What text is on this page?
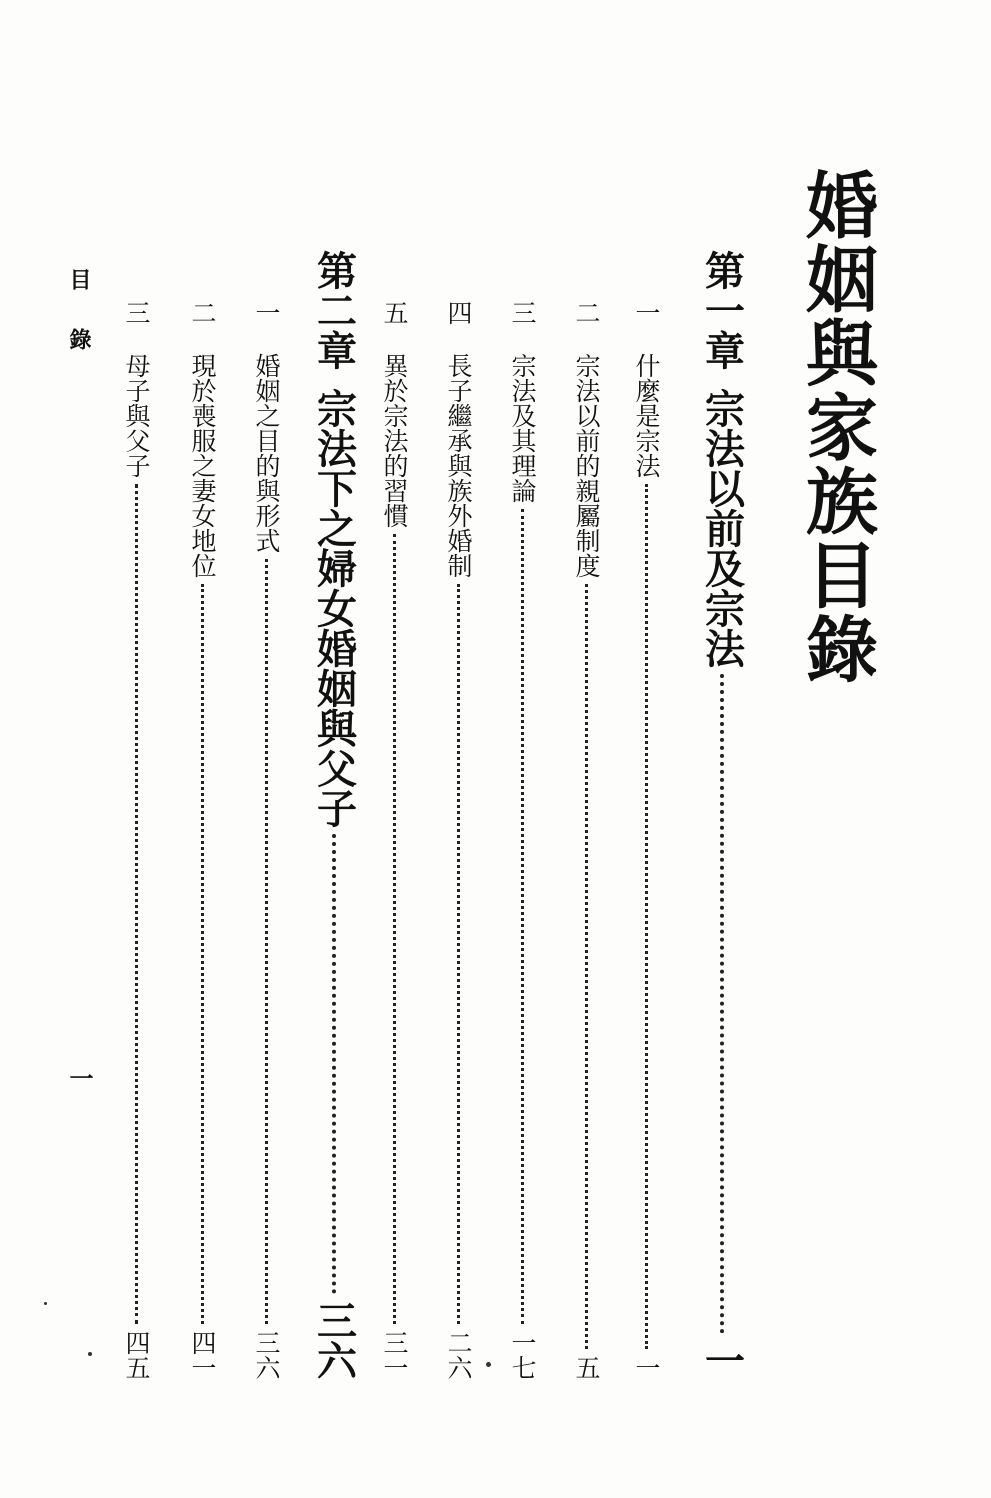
婚姻與家族目錄
第一章
宗法以前及宗法
一
一
什麼是宗法
一
二
宗法以前的親屬制度
五
三
宗法及其理論
一七
四
長子繼承與族外婚制
二六
五
異於宗法的習慣
三一
第二章
宗法下之婦女婚姻與父子
三六
一
婚姻之目的與形式
三六
二
現於喪服之妻女地位
四一
三
母子與父子
四五
目錄
一
